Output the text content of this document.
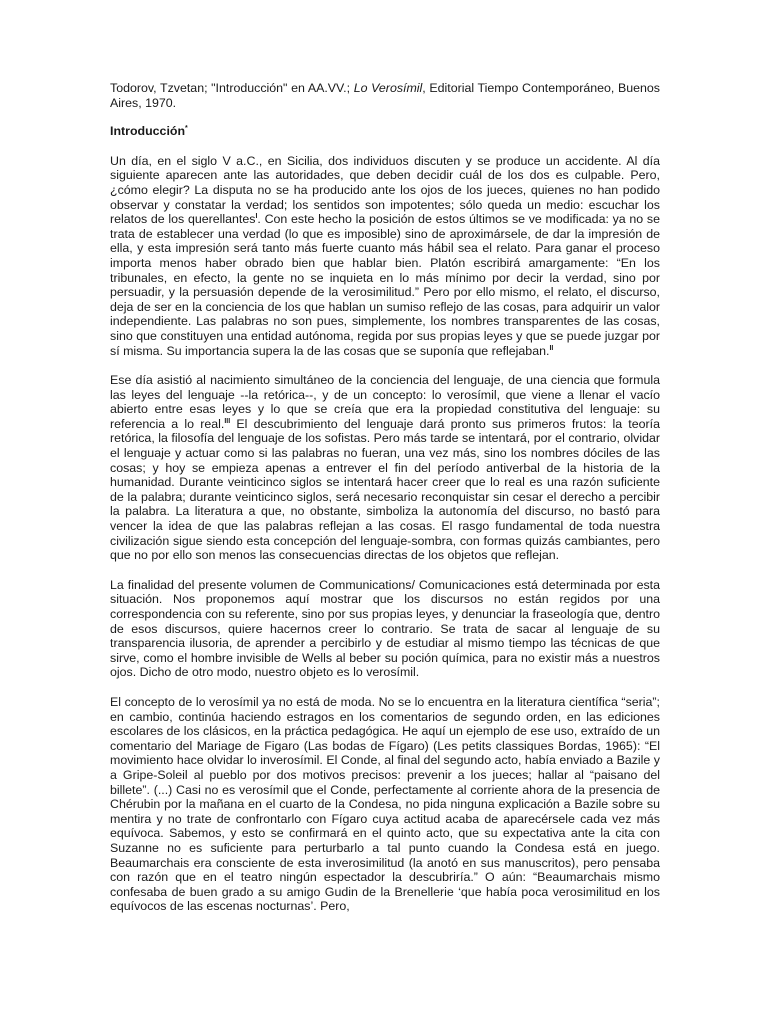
Todorov, Tzvetan; "Introducción" en AA.VV.; Lo Verosímil, Editorial Tiempo Contemporáneo, Buenos Aires, 1970.

Introducción*

Un día, en el siglo V a.C., en Sicilia, dos individuos discuten y se produce un accidente. Al día siguiente aparecen ante las autoridades, que deben decidir cuál de los dos es culpable. Pero, ¿cómo elegir? La disputa no se ha producido ante los ojos de los jueces, quienes no han podido observar y constatar la verdad; los sentidos son impotentes; sólo queda un medio: escuchar los relatos de los querellantes$^I$. Con este hecho la posición de estos últimos se ve modificada: ya no se trata de establecer una verdad (lo que es imposible) sino de aproximársele, de dar la impresión de ella, y esta impresión será tanto más fuerte cuanto más hábil sea el relato. Para ganar el proceso importa menos haber obrado bien que hablar bien. Platón escribirá amargamente: “En los tribunales, en efecto, la gente no se inquieta en lo más mínimo por decir la verdad, sino por persuadir, y la persuasión depende de la verosimilitud.” Pero por ello mismo, el relato, el discurso, deja de ser en la conciencia de los que hablan un sumiso reflejo de las cosas, para adquirir un valor independiente. Las palabras no son pues, simplemente, los nombres transparentes de las cosas, sino que constituyen una entidad autónoma, regida por sus propias leyes y que se puede juzgar por sí misma. Su importancia supera la de las cosas que se suponía que reflejaban.$^{II}$

Ese día asistió al nacimiento simultáneo de la conciencia del lenguaje, de una ciencia que formula las leyes del lenguaje --la retórica--, y de un concepto: lo verosímil, que viene a llenar el vacío abierto entre esas leyes y lo que se creía que era la propiedad constitutiva del lenguaje: su referencia a lo real.$^{III}$ El descubrimiento del lenguaje dará pronto sus primeros frutos: la teoría retórica, la filosofía del lenguaje de los sofistas. Pero más tarde se intentará, por el contrario, olvidar el lenguaje y actuar como si las palabras no fueran, una vez más, sino los nombres dóciles de las cosas; y hoy se empieza apenas a entrever el fin del período antiverbal de la historia de la humanidad. Durante veinticinco siglos se intentará hacer creer que lo real es una razón suficiente de la palabra; durante veinticinco siglos, será necesario reconquistar sin cesar el derecho a percibir la palabra. La literatura a que, no obstante, simboliza la autonomía del discurso, no bastó para vencer la idea de que las palabras reflejan a las cosas. El rasgo fundamental de toda nuestra civilización sigue siendo esta concepción del lenguaje-sombra, con formas quizás cambiantes, pero que no por ello son menos las consecuencias directas de los objetos que reflejan.

La finalidad del presente volumen de Communications/ Comunicaciones está determinada por esta situación. Nos proponemos aquí mostrar que los discursos no están regidos por una correspondencia con su referente, sino por sus propias leyes, y denunciar la fraseología que, dentro de esos discursos, quiere hacernos creer lo contrario. Se trata de sacar al lenguaje de su transparencia ilusoria, de aprender a percibirlo y de estudiar al mismo tiempo las técnicas de que sirve, como el hombre invisible de Wells al beber su poción química, para no existir más a nuestros ojos. Dicho de otro modo, nuestro objeto es lo verosímil.

El concepto de lo verosímil ya no está de moda. No se lo encuentra en la literatura científica “seria”; en cambio, continúa haciendo estragos en los comentarios de segundo orden, en las ediciones escolares de los clásicos, en la práctica pedagógica. He aquí un ejemplo de ese uso, extraído de un comentario del Mariage de Figaro (Las bodas de Fígaro) (Les petits classiques Bordas, 1965): “El movimiento hace olvidar lo inverosímil. El Conde, al final del segundo acto, había enviado a Bazile y a Gripe-Soleil al pueblo por dos motivos precisos: prevenir a los jueces; hallar al “paisano del billete”. (...) Casi no es verosímil que el Conde, perfectamente al corriente ahora de la presencia de Chérubin por la mañana en el cuarto de la Condesa, no pida ninguna explicación a Bazile sobre su mentira y no trate de confrontarlo con Fígaro cuya actitud acaba de aparecérsele cada vez más equívoca. Sabemos, y esto se confirmará en el quinto acto, que su expectativa ante la cita con Suzanne no es suficiente para perturbarlo a tal punto cuando la Condesa está en juego. Beaumarchais era consciente de esta inverosimilitud (la anotó en sus manuscritos), pero pensaba con razón que en el teatro ningún espectador la descubriría.” O aún: “Beaumarchais mismo confesaba de buen grado a su amigo Gudin de la Brenellerie ‘que había poca verosimilitud en los equívocos de las escenas nocturnas’. Pero,
